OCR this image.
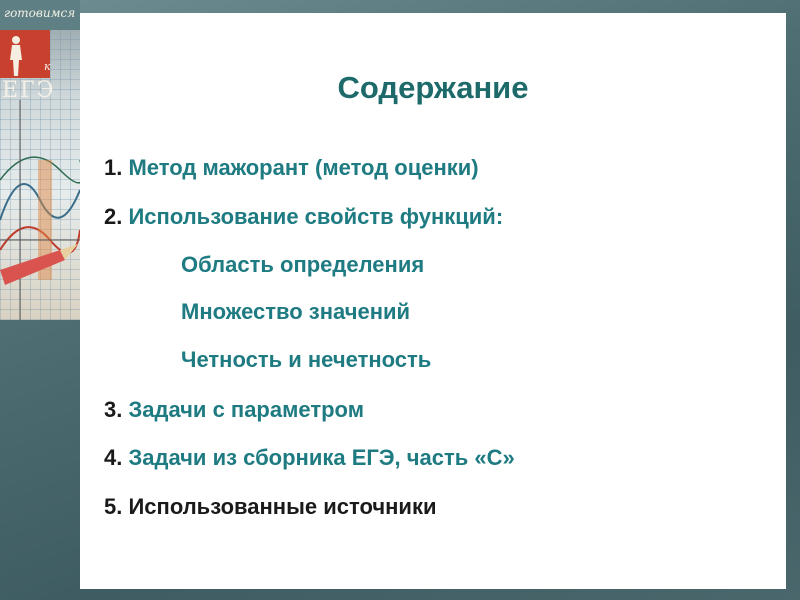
готовимся
к
ЕГЭ	Содержание
1. Метод мажорант (метод оценки)
2. Использование свойств функций:
Область определения
Множество значений
Четность и нечетность
3. Задачи с параметром
4. Задачи из сборника ЕГЭ, часть «С»
5. Использованные источники
